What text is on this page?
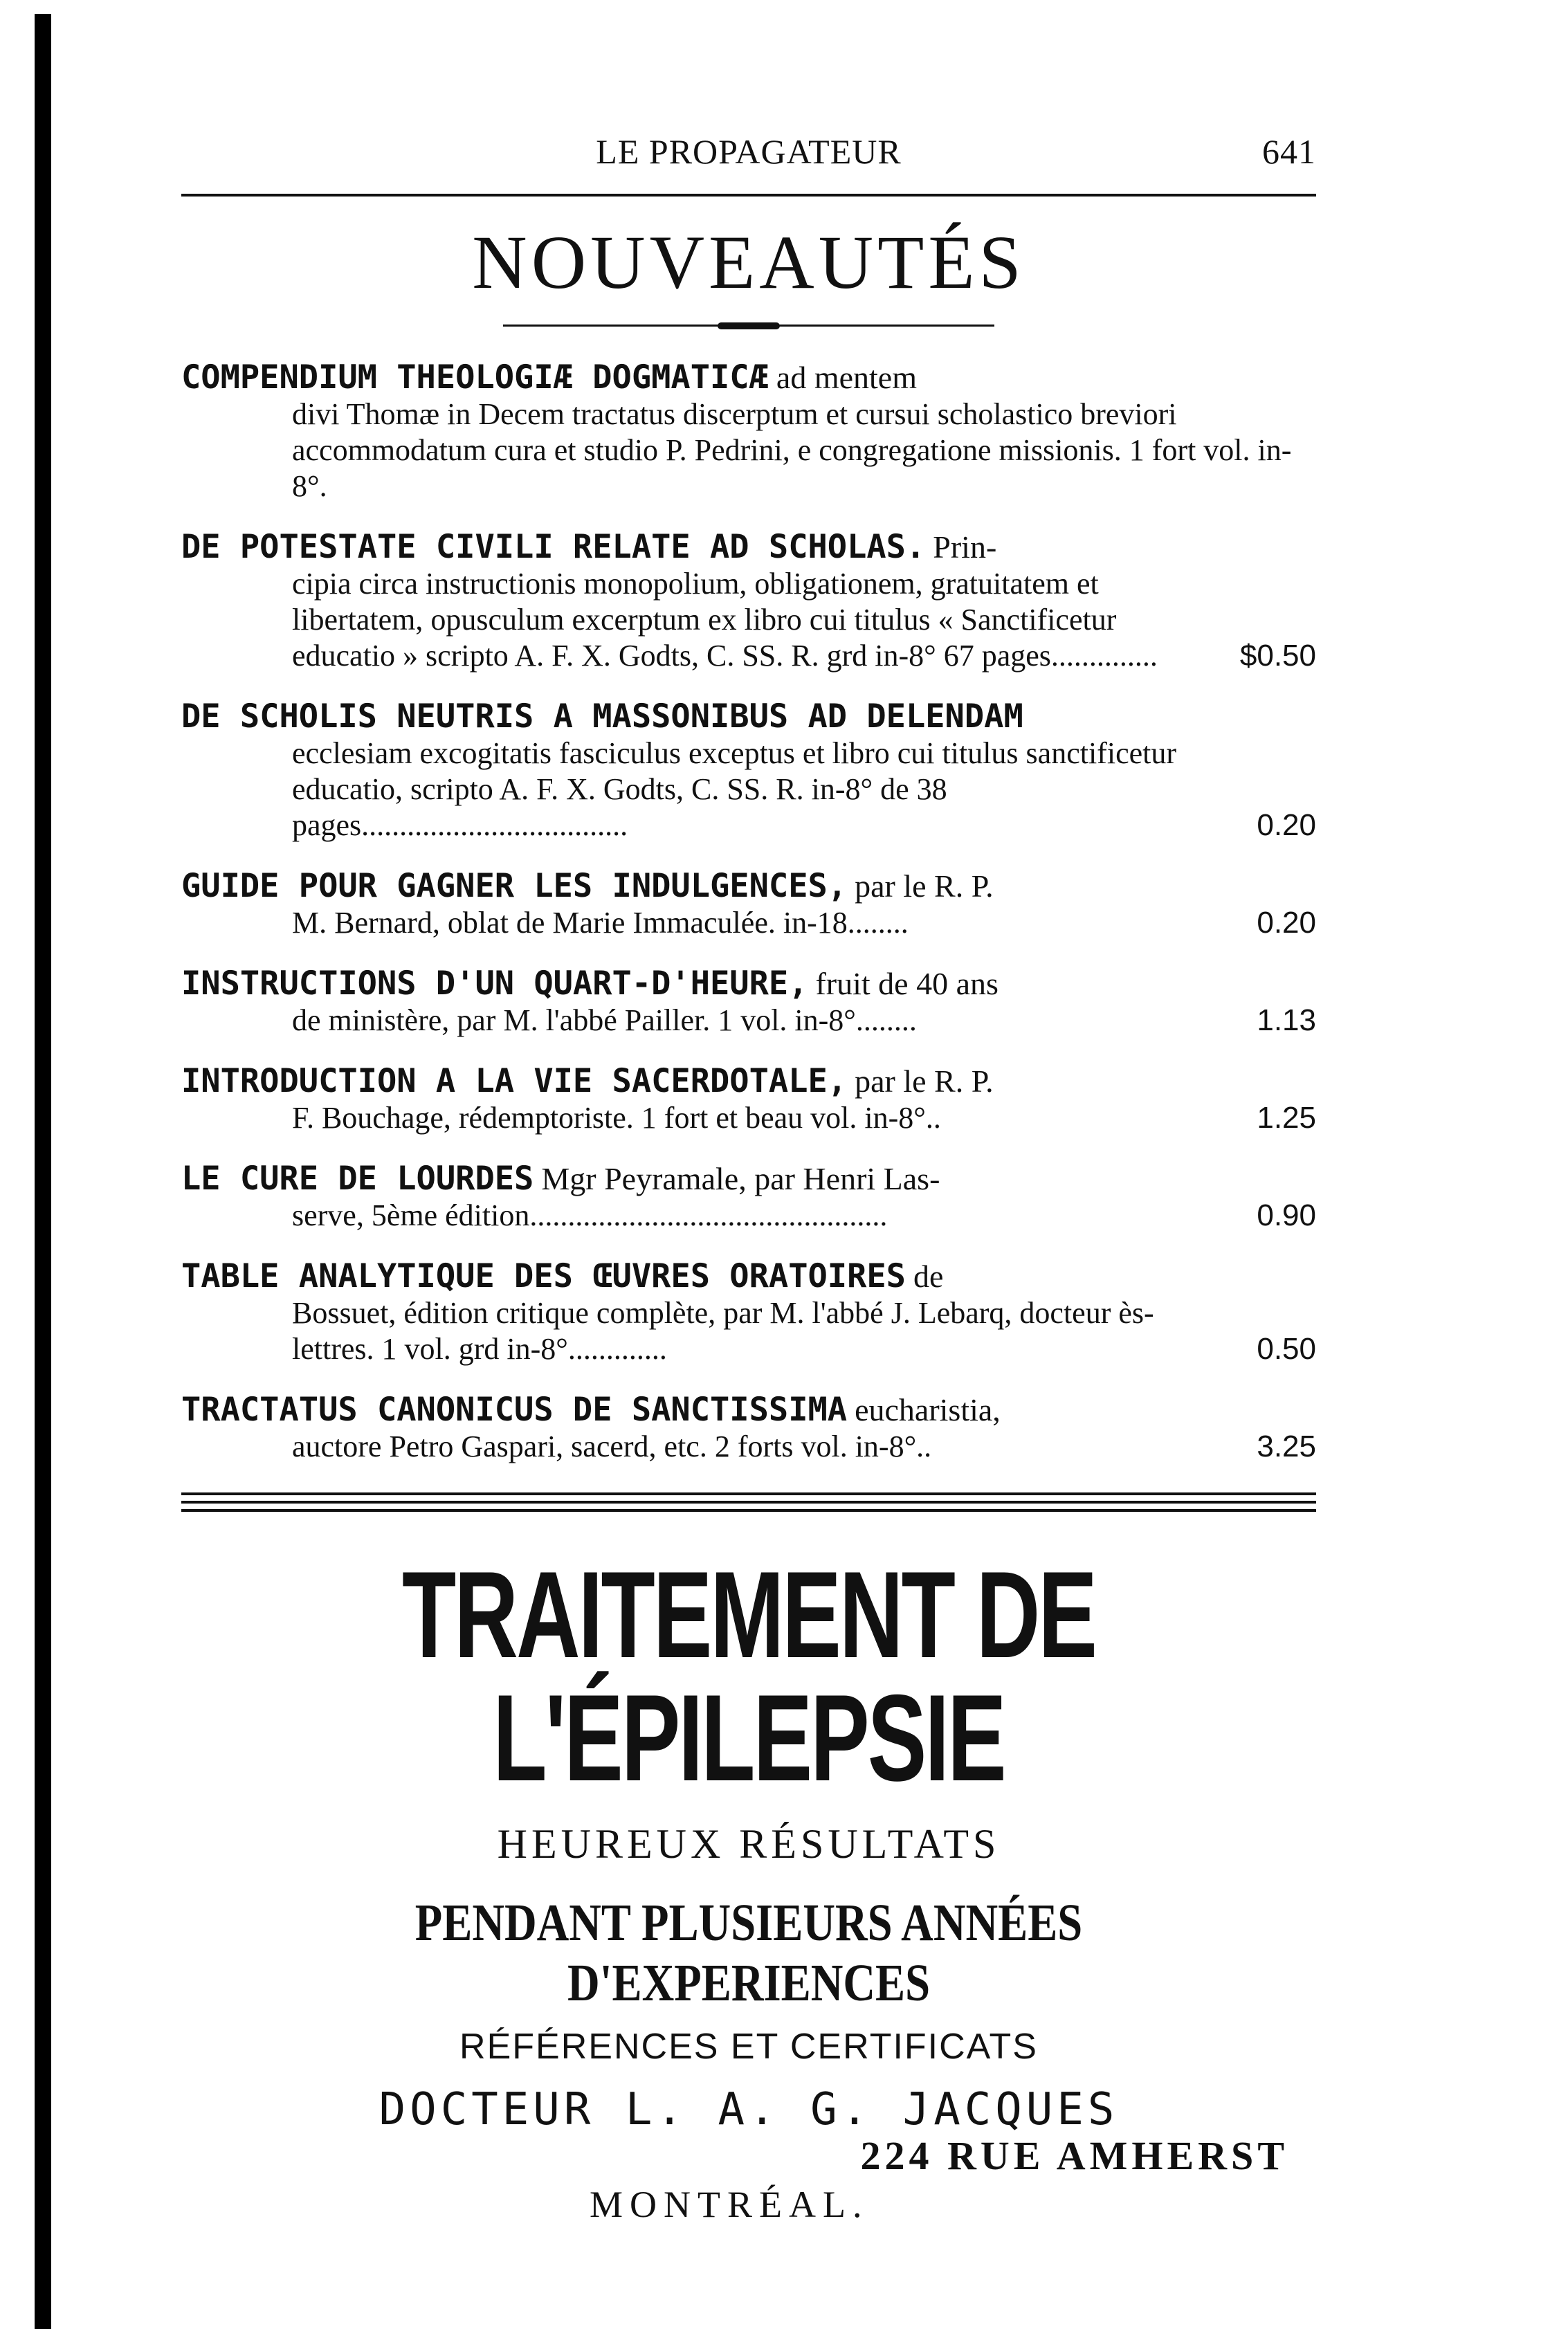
LE PROPAGATEUR	641
NOUVEAUTÉS
COMPENDIUM THEOLOGIÆ DOGMATICÆ ad mentem
divi Thomæ in Decem tractatus discerptum et cursui scholastico breviori accommodatum cura et studio P. Pedrini, e congregatione missionis. 1 fort vol. in-8°.
DE POTESTATE CIVILI RELATE AD SCHOLAS. Prin-
cipia circa instructionis monopolium, obligationem, gratuitatem et libertatem, opusculum excerptum ex libro cui titulus « Sanctificetur educatio » scripto A. F. X. Godts, C. SS. R. grd in-8° 67 pages..............	$0.50
DE SCHOLIS NEUTRIS A MASSONIBUS AD DELENDAM
ecclesiam excogitatis fasciculus exceptus et libro cui titulus sanctificetur educatio, scripto A. F. X. Godts, C. SS. R. in-8° de 38 pages...................................	0.20
GUIDE POUR GAGNER LES INDULGENCES, par le R. P.
M. Bernard, oblat de Marie Immaculée. in-18........	0.20
INSTRUCTIONS D'UN QUART-D'HEURE, fruit de 40 ans
de ministère, par M. l'abbé Pailler. 1 vol. in-8°........	1.13
INTRODUCTION A LA VIE SACERDOTALE, par le R. P.
F. Bouchage, rédemptoriste. 1 fort et beau vol. in-8°..	1.25
LE CURE DE LOURDES Mgr Peyramale, par Henri Las-
serve, 5ème édition...............................................	0.90
TABLE ANALYTIQUE DES ŒUVRES ORATOIRES de
Bossuet, édition critique complète, par M. l'abbé J. Lebarq, docteur ès-lettres. 1 vol. grd in-8°.............	0.50
TRACTATUS CANONICUS DE SANCTISSIMA eucharistia,
auctore Petro Gaspari, sacerd, etc. 2 forts vol. in-8°..	3.25
TRAITEMENT DE L'ÉPILEPSIE
HEUREUX RÉSULTATS
PENDANT PLUSIEURS ANNÉES D'EXPERIENCES
RÉFÉRENCES ET CERTIFICATS
DOCTEUR L. A. G. JACQUES
224 RUE AMHERST
MONTRÉAL.
